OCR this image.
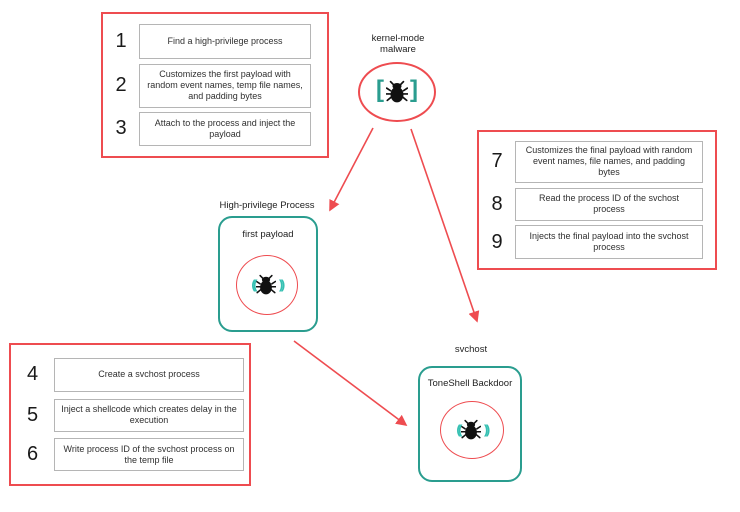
1	Find a high-privilege process
2	Customizes the first payload with random event names, temp file names, and padding bytes
3	Attach to the process and inject the payload
7	Customizes the final payload with random event names, file names, and padding bytes
8	Read the process ID of the svchost process
9	Injects the final payload into the svchost process
4	Create a svchost process
5	Inject a shellcode which creates delay in the execution
6	Write process ID of the svchost process on the temp file
kernel-mode malware
[ ]
High-privilege Process
first payload
(( ))
svchost
ToneShell Backdoor
(( ))
